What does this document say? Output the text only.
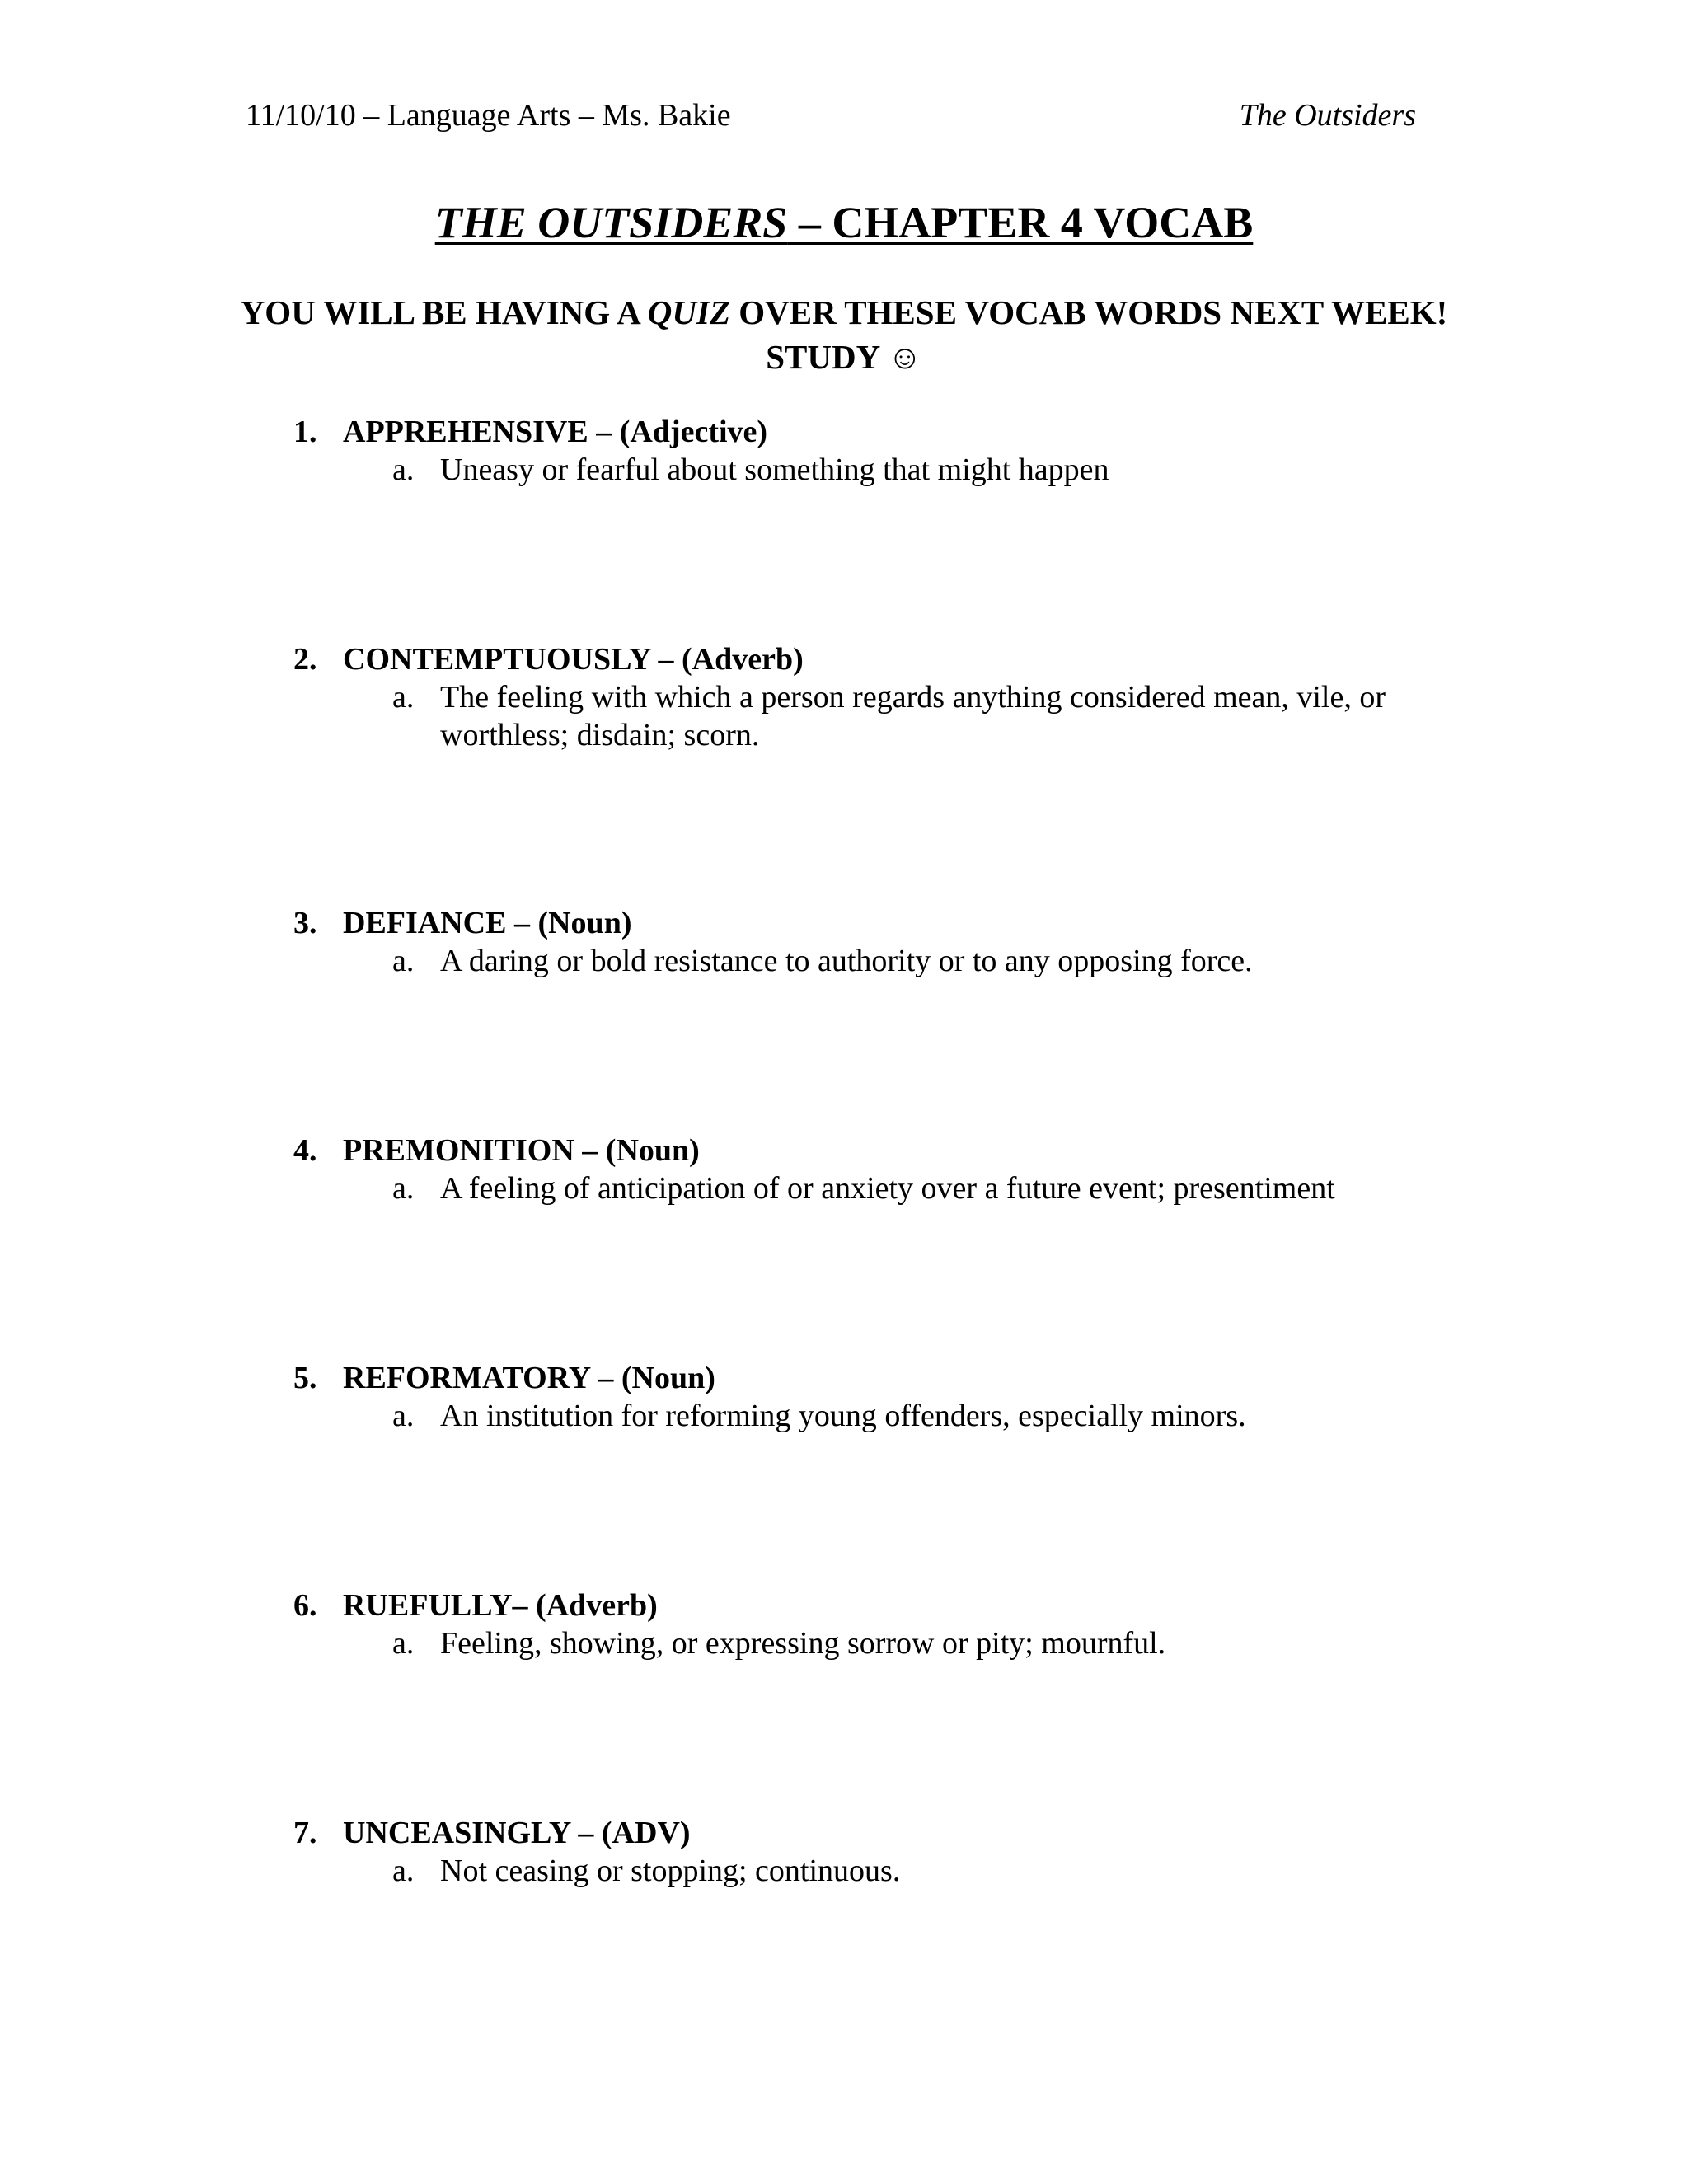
11/10/10 – Language Arts – Ms. Bakie	The Outsiders
THE OUTSIDERS – CHAPTER 4 VOCAB
YOU WILL BE HAVING A QUIZ OVER THESE VOCAB WORDS NEXT WEEK! STUDY ☺
1. APPREHENSIVE – (Adjective)
a. Uneasy or fearful about something that might happen
2. CONTEMPTUOUSLY – (Adverb)
a. The feeling with which a person regards anything considered mean, vile, or worthless; disdain; scorn.
3. DEFIANCE – (Noun)
a. A daring or bold resistance to authority or to any opposing force.
4. PREMONITION – (Noun)
a. A feeling of anticipation of or anxiety over a future event; presentiment
5. REFORMATORY – (Noun)
a. An institution for reforming young offenders, especially minors.
6. RUEFULLY– (Adverb)
a. Feeling, showing, or expressing sorrow or pity; mournful.
7. UNCEASINGLY – (ADV)
a. Not ceasing or stopping; continuous.
